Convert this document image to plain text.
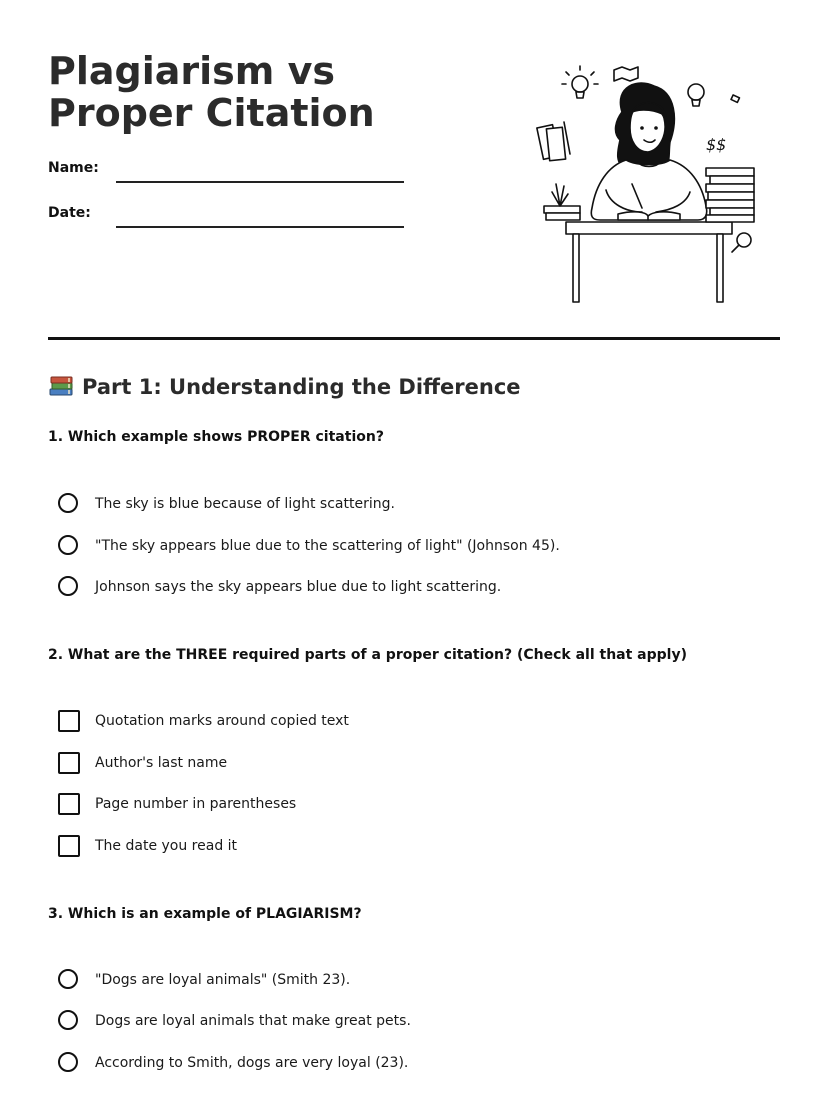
Plagiarism vs Proper Citation
Name:
Date:
$$
Part 1: Understanding the Difference

1. Which example shows PROPER citation?

The sky is blue because of light scattering.
"The sky appears blue due to the scattering of light" (Johnson 45).
Johnson says the sky appears blue due to light scattering.

2. What are the THREE required parts of a proper citation? (Check all that apply)

Quotation marks around copied text
Author's last name
Page number in parentheses
The date you read it

3. Which is an example of PLAGIARISM?

"Dogs are loyal animals" (Smith 23).
Dogs are loyal animals that make great pets.
According to Smith, dogs are very loyal (23).
